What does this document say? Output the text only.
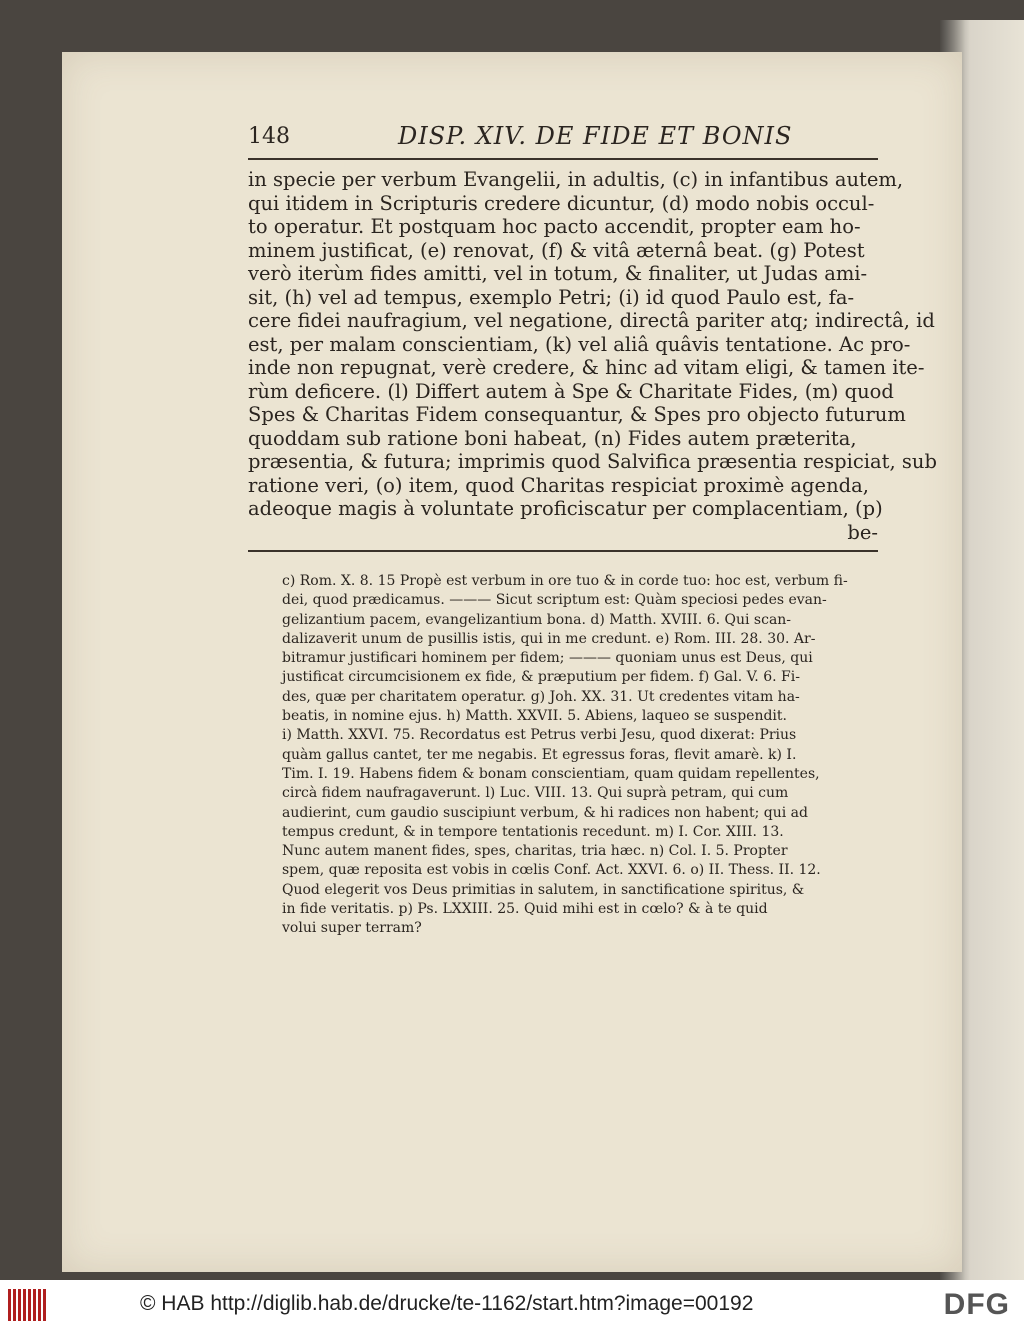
148	DISP. XIV. DE FIDE ET BONIS

in specie per verbum Evangelii, in adultis, (c) in infantibus autem,

qui itidem in Scripturis credere dicuntur, (d) modo nobis occul-

to operatur. Et postquam hoc pacto accendit, propter eam ho-

minem justificat, (e) renovat, (f) & vitâ æternâ beat. (g) Potest

verò iterùm fides amitti, vel in totum, & finaliter, ut Judas ami-

sit, (h) vel ad tempus, exemplo Petri; (i) id quod Paulo est, fa-

cere fidei naufragium, vel negatione, directâ pariter atq; indirectâ, id

est, per malam conscientiam, (k) vel aliâ quâvis tentatione. Ac pro-

inde non repugnat, verè credere, & hinc ad vitam eligi, & tamen ite-

rùm deficere. (l) Differt autem à Spe & Charitate Fides, (m) quod

Spes & Charitas Fidem consequantur, & Spes pro objecto futurum

quoddam sub ratione boni habeat, (n) Fides autem præterita,

præsentia, & futura; imprimis quod Salvifica præsentia respiciat, sub

ratione veri, (o) item, quod Charitas respiciat proximè agenda,

adeoque magis à voluntate proficiscatur per complacentiam, (p)

be-

c) Rom. X. 8. 15 Propè est verbum in ore tuo & in corde tuo: hoc est, verbum fi-

dei, quod prædicamus. ——— Sicut scriptum est: Quàm speciosi pedes evan-

gelizantium pacem, evangelizantium bona. d) Matth. XVIII. 6. Qui scan-

dalizaverit unum de pusillis istis, qui in me credunt. e) Rom. III. 28. 30. Ar-

bitramur justificari hominem per fidem; ——— quoniam unus est Deus, qui

justificat circumcisionem ex fide, & præputium per fidem. f) Gal. V. 6. Fi-

des, quæ per charitatem operatur. g) Joh. XX. 31. Ut credentes vitam ha-

beatis, in nomine ejus. h) Matth. XXVII. 5. Abiens, laqueo se suspendit.

i) Matth. XXVI. 75. Recordatus est Petrus verbi Jesu, quod dixerat: Prius

quàm gallus cantet, ter me negabis. Et egressus foras, flevit amarè. k) I.

Tim. I. 19. Habens fidem & bonam conscientiam, quam quidam repellentes,

circà fidem naufragaverunt. l) Luc. VIII. 13. Qui suprà petram, qui cum

audierint, cum gaudio suscipiunt verbum, & hi radices non habent; qui ad

tempus credunt, & in tempore tentationis recedunt. m) I. Cor. XIII. 13.

Nunc autem manent fides, spes, charitas, tria hæc. n) Col. I. 5. Propter

spem, quæ reposita est vobis in cœlis Conf. Act. XXVI. 6. o) II. Thess. II. 12.

Quod elegerit vos Deus primitias in salutem, in sanctificatione spiritus, &

in fide veritatis. p) Ps. LXXIII. 25. Quid mihi est in cœlo? & à te quid

volui super terram?

© HAB http://diglib.hab.de/drucke/te-1162/start.htm?image=00192	DFG
